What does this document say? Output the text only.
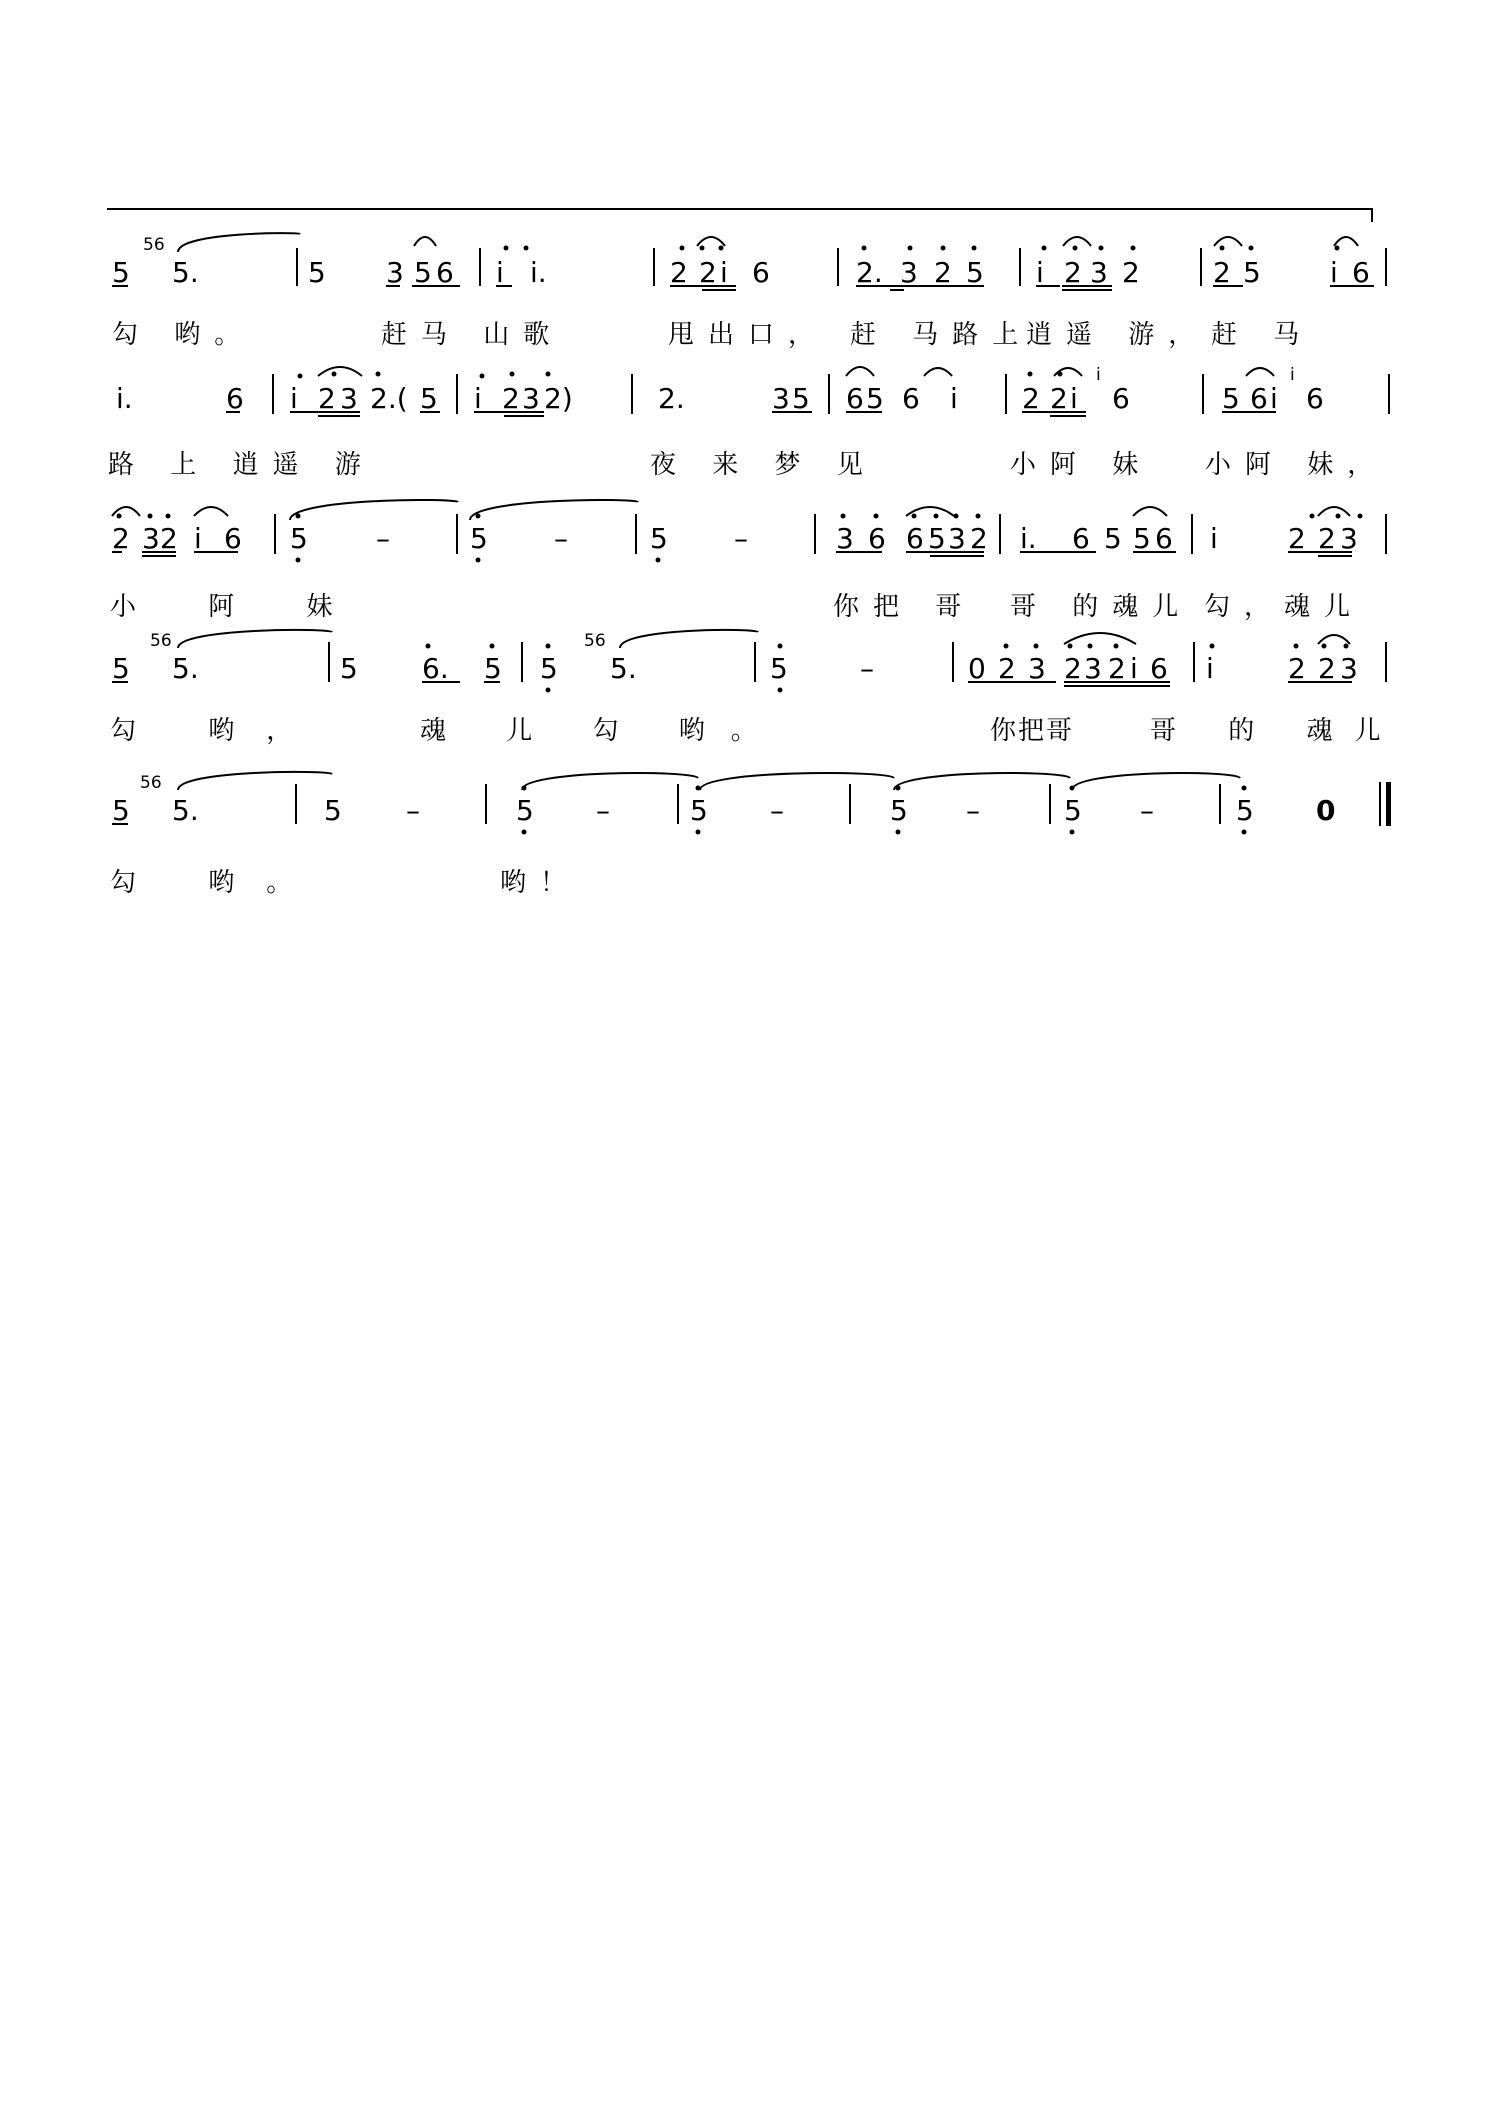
5
56
5.	5 3 5 6 i i.	2 2 i 6	2. 3 2 5 i 2 3 2	2 5 i 6
勾 哟。	赶马 山歌	甩出口， 赶 马路上
逍遥 游， 赶 马
i.	6 i 2 3 2.( 5 i 2 3 2)	2.	3 5 6 5 6 i 2 2 i
i
6	5 6 i
i
6
路 上 逍遥 游	夜 来 梦 见	小阿 妹 小阿 妹，
2 3 2 i 6 5 –	5 –	5 –	3 6 6 5 3 2 i. 6 5 5 6 i	2 2 3
小 阿 妹	你把 哥 哥 的魂儿 勾，魂儿
5
56
5.	5 6. 5 5
56
5.	5	–	0 2 3 2 3 2 i 6 i	2 2 3
勾 哟，	魂 儿 勾 哟。	你把哥	哥 的 魂儿
5
56
5.	5 –	5 –	5 –	5 –	5 –	5 0
勾 哟。	哟！
